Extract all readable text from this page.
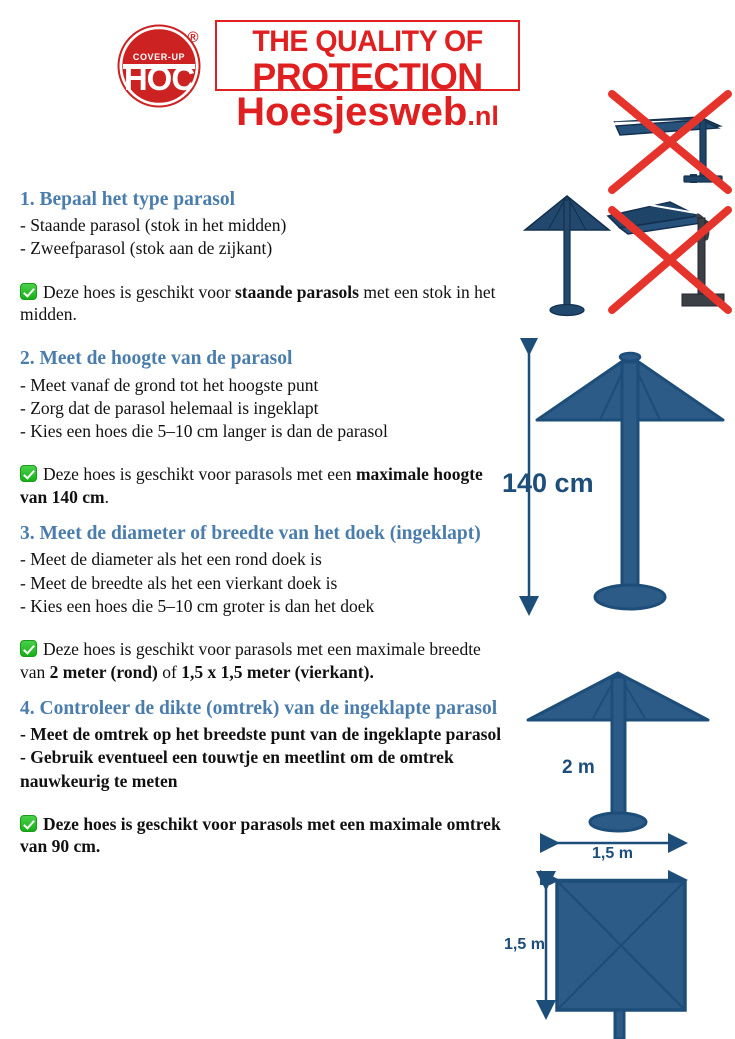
COVER-UP
HOC
®	THE QUALITY OF
PROTECTION
Hoesjesweb.nl

1. Bepaal het type parasol

- Staande parasol (stok in het midden)

- Zweefparasol (stok aan de zijkant)

Deze hoes is geschikt voor staande parasols met een stok in het midden.

2. Meet de hoogte van de parasol

- Meet vanaf de grond tot het hoogste punt

- Zorg dat de parasol helemaal is ingeklapt

- Kies een hoes die 5–10 cm langer is dan de parasol

Deze hoes is geschikt voor parasols met een maximale hoogte van 140 cm.

3. Meet de diameter of breedte van het doek (ingeklapt)

- Meet de diameter als het een rond doek is

- Meet de breedte als het een vierkant doek is

- Kies een hoes die 5–10 cm groter is dan het doek

Deze hoes is geschikt voor parasols met een maximale breedte van 2 meter (rond) of 1,5 x 1,5 meter (vierkant).

4. Controleer de dikte (omtrek) van de ingeklapte parasol

- Meet de omtrek op het breedste punt van de ingeklapte parasol

- Gebruik eventueel een touwtje en meetlint om de omtrek nauwkeurig te meten

Deze hoes is geschikt voor parasols met een maximale omtrek van 90 cm.

140 cm
2 m
1,5 m
1,5 m
